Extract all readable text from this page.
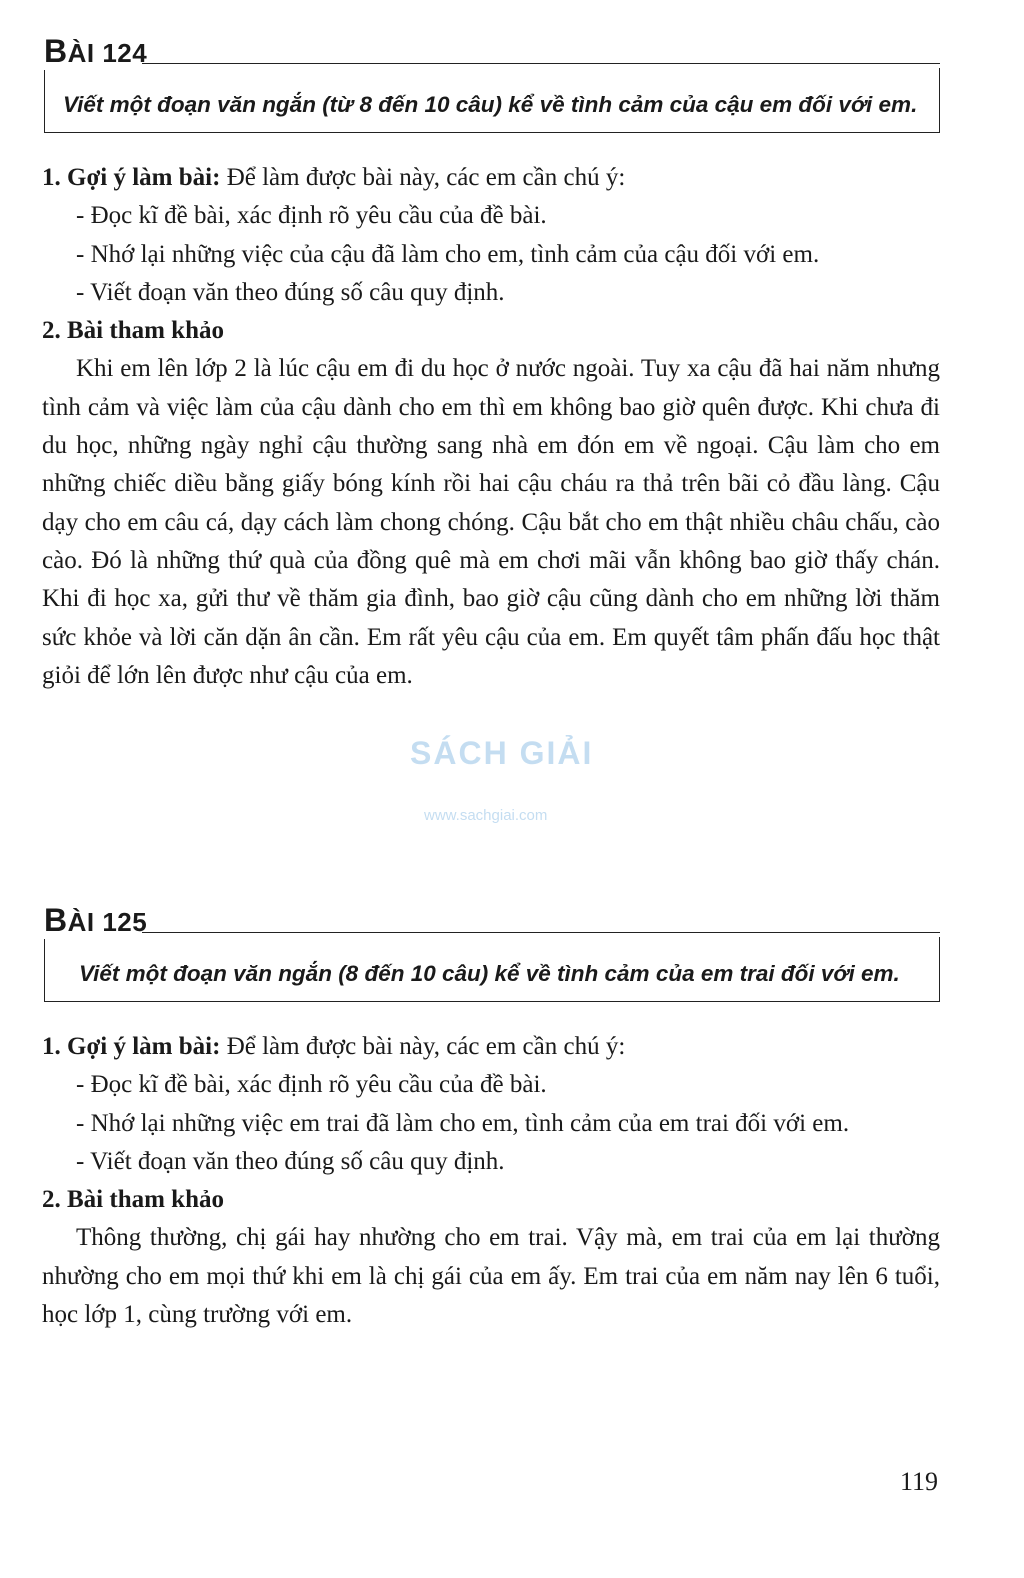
BÀI 124
Viết một đoạn văn ngắn (từ 8 đến 10 câu) kể về tình cảm của cậu em đối với em.

1. Gợi ý làm bài: Để làm được bài này, các em cần chú ý:

- Đọc kĩ đề bài, xác định rõ yêu cầu của đề bài.

- Nhớ lại những việc của cậu đã làm cho em, tình cảm của cậu đối với em.

- Viết đoạn văn theo đúng số câu quy định.

2. Bài tham khảo

Khi em lên lớp 2 là lúc cậu em đi du học ở nước ngoài. Tuy xa cậu đã hai năm nhưng tình cảm và việc làm của cậu dành cho em thì em không bao giờ quên được. Khi chưa đi du học, những ngày nghỉ cậu thường sang nhà em đón em về ngoại. Cậu làm cho em những chiếc diều bằng giấy bóng kính rồi hai cậu cháu ra thả trên bãi cỏ đầu làng. Cậu dạy cho em câu cá, dạy cách làm chong chóng. Cậu bắt cho em thật nhiều châu chấu, cào cào. Đó là những thứ quà của đồng quê mà em chơi mãi vẫn không bao giờ thấy chán. Khi đi học xa, gửi thư về thăm gia đình, bao giờ cậu cũng dành cho em những lời thăm sức khỏe và lời căn dặn ân cần. Em rất yêu cậu của em. Em quyết tâm phấn đấu học thật giỏi để lớn lên được như cậu của em.

BÀI 125
Viết một đoạn văn ngắn (8 đến 10 câu) kể về tình cảm của em trai đối với em.

1. Gợi ý làm bài: Để làm được bài này, các em cần chú ý:

- Đọc kĩ đề bài, xác định rõ yêu cầu của đề bài.

- Nhớ lại những việc em trai đã làm cho em, tình cảm của em trai đối với em.

- Viết đoạn văn theo đúng số câu quy định.

2. Bài tham khảo

Thông thường, chị gái hay nhường cho em trai. Vậy mà, em trai của em lại thường nhường cho em mọi thứ khi em là chị gái của em ấy. Em trai của em năm nay lên 6 tuổi, học lớp 1, cùng trường với em.

SÁCH GIẢI
www.sachgiai.com
119
